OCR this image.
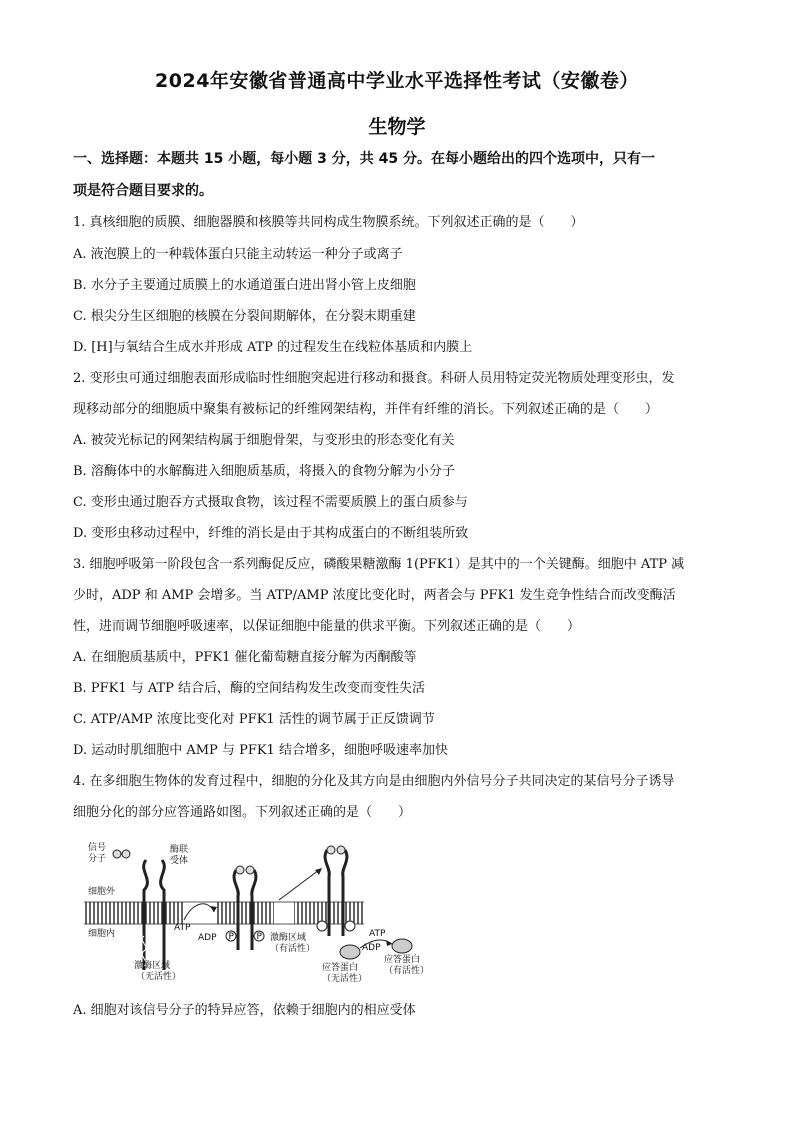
2024年安徽省普通高中学业水平选择性考试（安徽卷）
生物学
一、选择题：本题共 15 小题，每小题 3 分，共 45 分。在每小题给出的四个选项中，只有一
项是符合题目要求的。
1. 真核细胞的质膜、细胞器膜和核膜等共同构成生物膜系统。下列叙述正确的是（　　）
A. 液泡膜上的一种载体蛋白只能主动转运一种分子或离子
B. 水分子主要通过质膜上的水通道蛋白进出肾小管上皮细胞
C. 根尖分生区细胞的核膜在分裂间期解体，在分裂末期重建
D. [H]与氧结合生成水并形成 ATP 的过程发生在线粒体基质和内膜上
2. 变形虫可通过细胞表面形成临时性细胞突起进行移动和摄食。科研人员用特定荧光物质处理变形虫，发
现移动部分的细胞质中聚集有被标记的纤维网架结构，并伴有纤维的消长。下列叙述正确的是（　　）
A. 被荧光标记的网架结构属于细胞骨架，与变形虫的形态变化有关
B. 溶酶体中的水解酶进入细胞质基质，将摄入的食物分解为小分子
C. 变形虫通过胞吞方式摄取食物，该过程不需要质膜上的蛋白质参与
D. 变形虫移动过程中，纤维的消长是由于其构成蛋白的不断组装所致
3. 细胞呼吸第一阶段包含一系列酶促反应，磷酸果糖激酶 1(PFK1）是其中的一个关键酶。细胞中 ATP 减
少时，ADP 和 AMP 会增多。当 ATP/AMP 浓度比变化时，两者会与 PFK1 发生竞争性结合而改变酶活
性，进而调节细胞呼吸速率，以保证细胞中能量的供求平衡。下列叙述正确的是（　　）
A. 在细胞质基质中，PFK1 催化葡萄糖直接分解为丙酮酸等
B. PFK1 与 ATP 结合后，酶的空间结构发生改变而变性失活
C. ATP/AMP 浓度比变化对 PFK1 活性的调节属于正反馈调节
D. 运动时肌细胞中 AMP 与 PFK1 结合增多，细胞呼吸速率加快
4. 在多细胞生物体的发育过程中，细胞的分化及其方向是由细胞内外信号分子共同决定的某信号分子诱导
细胞分化的部分应答通路如图。下列叙述正确的是（　　）
P	P
信号
分子
酶联
受体
细胞外
细胞内
激酶区域
（无活性）
激酶区域
（有活性）
ATP
ADP	ATP
ADP
应答蛋白
（无活性）
应答蛋白
（有活性）
A. 细胞对该信号分子的特异应答，依赖于细胞内的相应受体
